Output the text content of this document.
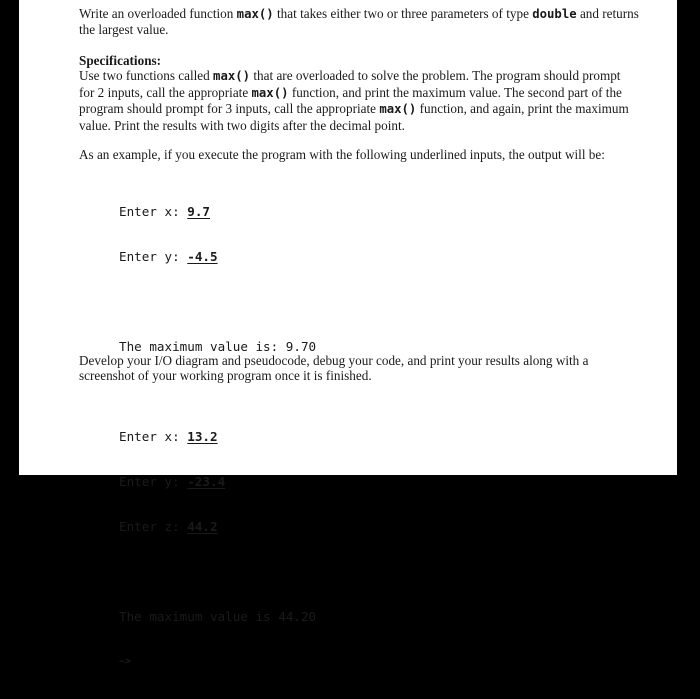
Write an overloaded function max() that takes either two or three parameters of type double and returns the largest value.

Specifications:

Use two functions called max() that are overloaded to solve the problem. The program should prompt for 2 inputs, call the appropriate max() function, and print the maximum value. The second part of the program should prompt for 3 inputs, call the appropriate max() function, and again, print the maximum value. Print the results with two digits after the decimal point.

As an example, if you execute the program with the following underlined inputs, the output will be:

Enter x: 9.7

Enter y: -4.5

The maximum value is: 9.70

Enter x: 13.2

Enter y: -23.4

Enter z: 44.2

The maximum value is 44.20

~>

Develop your I/O diagram and pseudocode, debug your code, and print your results along with a screenshot of your working program once it is finished.
